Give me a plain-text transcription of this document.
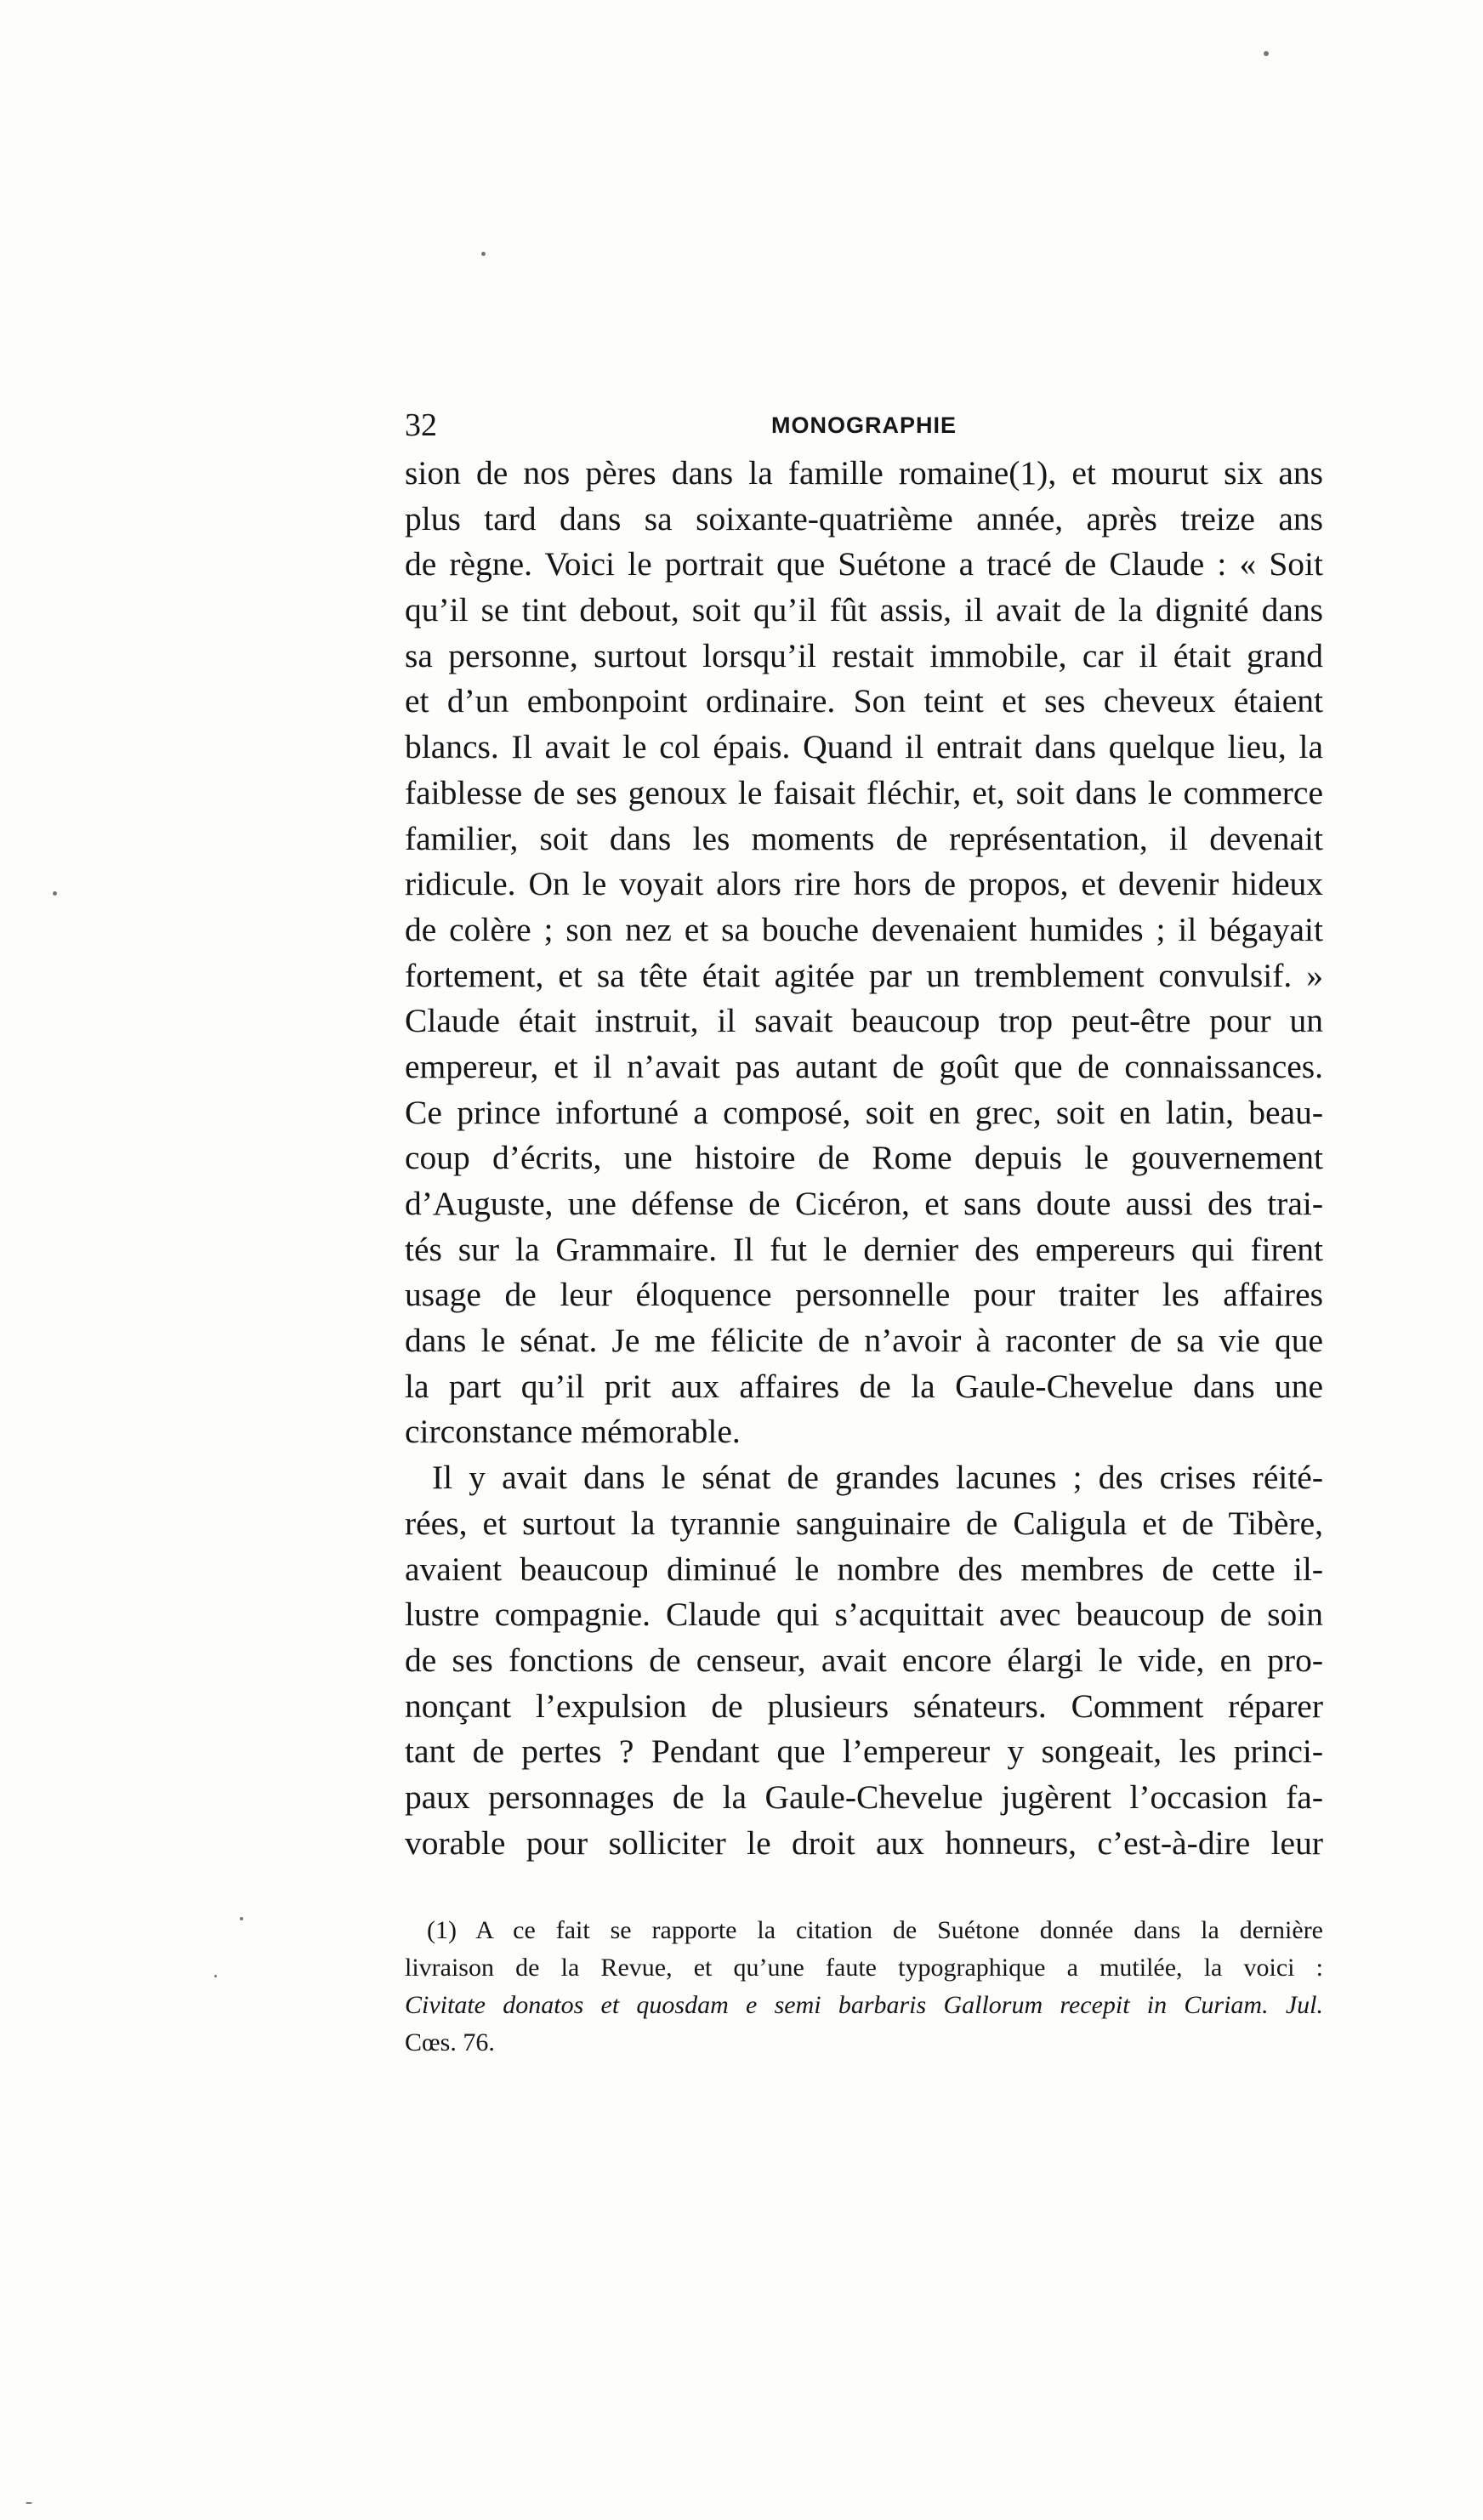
32	MONOGRAPHIE
sion de nos pères dans la famille romaine(1), et mourut six ans
plus tard dans sa soixante-quatrième année, après treize ans
de règne. Voici le portrait que Suétone a tracé de Claude : « Soit
qu’il se tint debout, soit qu’il fût assis, il avait de la dignité dans
sa personne, surtout lorsqu’il restait immobile, car il était grand
et d’un embonpoint ordinaire. Son teint et ses cheveux étaient
blancs. Il avait le col épais. Quand il entrait dans quelque lieu, la
faiblesse de ses genoux le faisait fléchir, et, soit dans le commerce
familier, soit dans les moments de représentation, il devenait
ridicule. On le voyait alors rire hors de propos, et devenir hideux
de colère ; son nez et sa bouche devenaient humides ; il bégayait
fortement, et sa tête était agitée par un tremblement convulsif. »
Claude était instruit, il savait beaucoup trop peut-être pour un
empereur, et il n’avait pas autant de goût que de connaissances.
Ce prince infortuné a composé, soit en grec, soit en latin, beau-
coup d’écrits, une histoire de Rome depuis le gouvernement
d’Auguste, une défense de Cicéron, et sans doute aussi des trai-
tés sur la Grammaire. Il fut le dernier des empereurs qui firent
usage de leur éloquence personnelle pour traiter les affaires
dans le sénat. Je me félicite de n’avoir à raconter de sa vie que
la part qu’il prit aux affaires de la Gaule-Chevelue dans une
circonstance mémorable.
Il y avait dans le sénat de grandes lacunes ; des crises réité-
rées, et surtout la tyrannie sanguinaire de Caligula et de Tibère,
avaient beaucoup diminué le nombre des membres de cette il-
lustre compagnie. Claude qui s’acquittait avec beaucoup de soin
de ses fonctions de censeur, avait encore élargi le vide, en pro-
nonçant l’expulsion de plusieurs sénateurs. Comment réparer
tant de pertes ? Pendant que l’empereur y songeait, les princi-
paux personnages de la Gaule-Chevelue jugèrent l’occasion fa-
vorable pour solliciter le droit aux honneurs, c’est-à-dire leur
(1) A ce fait se rapporte la citation de Suétone donnée dans la dernière
livraison de la Revue, et qu’une faute typographique a mutilée, la voici :
Civitate donatos et quosdam e semi barbaris Gallorum recepit in Curiam. Jul.
Cœs. 76.
